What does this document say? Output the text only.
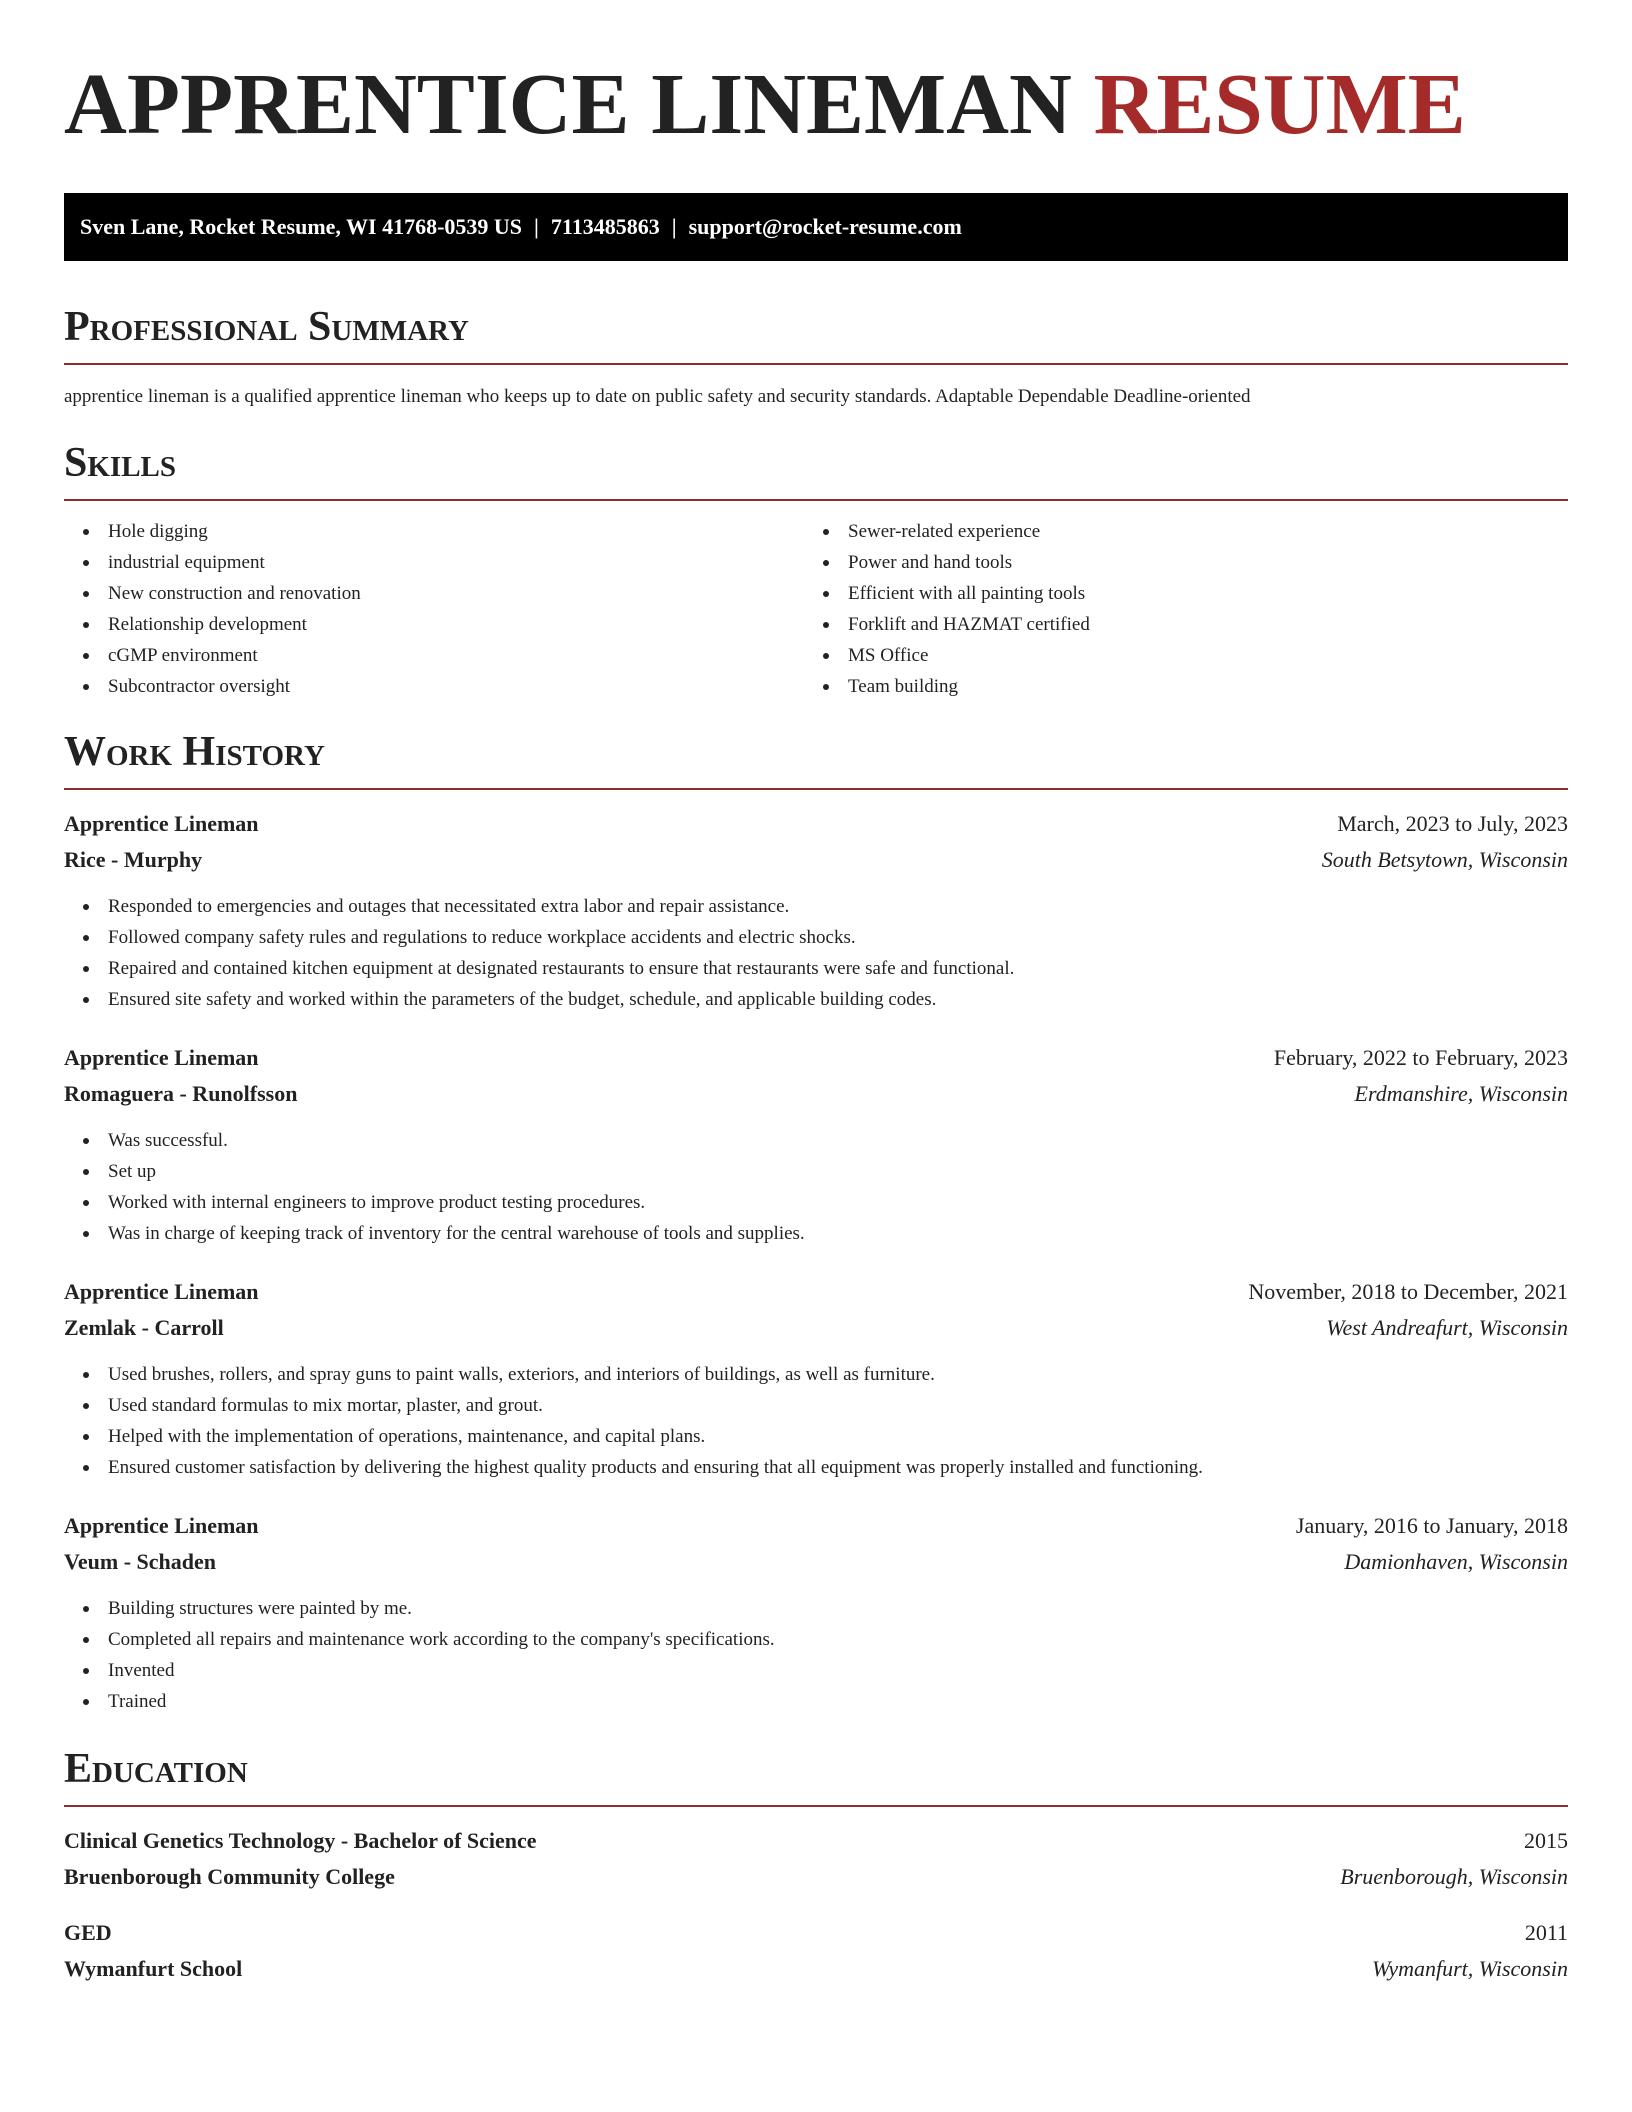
APPRENTICE LINEMAN RESUME
Sven Lane, Rocket Resume, WI 41768-0539 US | 7113485863 | support@rocket-resume.com
Professional Summary
apprentice lineman is a qualified apprentice lineman who keeps up to date on public safety and security standards. Adaptable Dependable Deadline-oriented
Skills
Hole digging
industrial equipment
New construction and renovation
Relationship development
cGMP environment
Subcontractor oversight
Sewer-related experience
Power and hand tools
Efficient with all painting tools
Forklift and HAZMAT certified
MS Office
Team building
Work History
Apprentice Lineman	March, 2023 to July, 2023
Rice - Murphy	South Betsytown, Wisconsin
Responded to emergencies and outages that necessitated extra labor and repair assistance.
Followed company safety rules and regulations to reduce workplace accidents and electric shocks.
Repaired and contained kitchen equipment at designated restaurants to ensure that restaurants were safe and functional.
Ensured site safety and worked within the parameters of the budget, schedule, and applicable building codes.
Apprentice Lineman	February, 2022 to February, 2023
Romaguera - Runolfsson	Erdmanshire, Wisconsin
Was successful.
Set up
Worked with internal engineers to improve product testing procedures.
Was in charge of keeping track of inventory for the central warehouse of tools and supplies.
Apprentice Lineman	November, 2018 to December, 2021
Zemlak - Carroll	West Andreafurt, Wisconsin
Used brushes, rollers, and spray guns to paint walls, exteriors, and interiors of buildings, as well as furniture.
Used standard formulas to mix mortar, plaster, and grout.
Helped with the implementation of operations, maintenance, and capital plans.
Ensured customer satisfaction by delivering the highest quality products and ensuring that all equipment was properly installed and functioning.
Apprentice Lineman	January, 2016 to January, 2018
Veum - Schaden	Damionhaven, Wisconsin
Building structures were painted by me.
Completed all repairs and maintenance work according to the company's specifications.
Invented
Trained
Education
Clinical Genetics Technology - Bachelor of Science	2015
Bruenborough Community College	Bruenborough, Wisconsin
GED	2011
Wymanfurt School	Wymanfurt, Wisconsin
